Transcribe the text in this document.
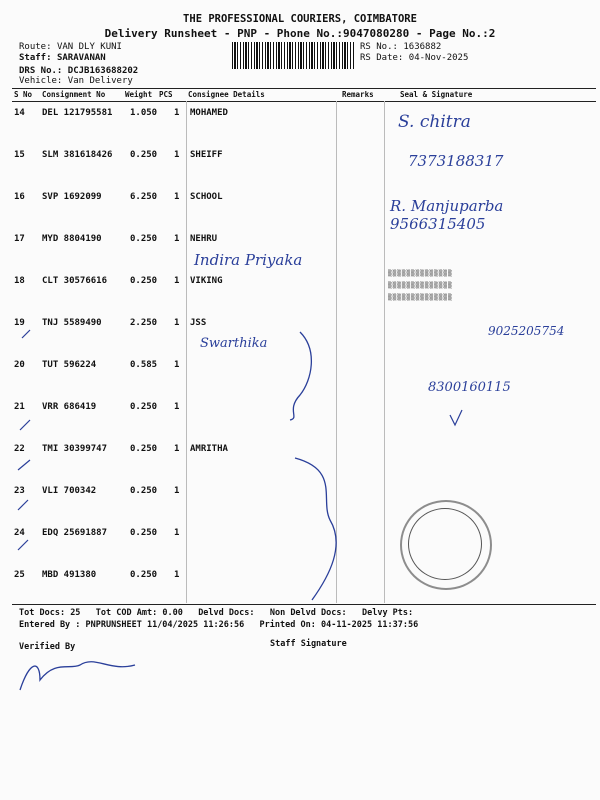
THE PROFESSIONAL COURIERS, COIMBATORE
Delivery Runsheet - PNP - Phone No.:9047080280 - Page No.:2
Route: VAN DLY KUNI
Staff: SARAVANAN
DRS No.: DCJB163688202
Vehicle: Van Delivery
RS No.: 1636882
RS Date: 04-Nov-2025
S No Consignment No	Weight PCS Consignee Details	Remarks	Seal & Signature
14 DEL 121795581 1.050 1 MOHAMED
15 SLM 381618426 0.250 1 SHEIFF
16 SVP 1692099	6.250 1 SCHOOL
17 MYD 8804190	0.250 1 NEHRU
18 CLT 30576616	0.250 1 VIKING
19 TNJ 5589490	2.250 1 JSS
20 TUT 596224	0.585 1
21 VRR 686419	0.250 1
22 TMI 30399747	0.250 1 AMRITHA
23 VLI 700342	0.250 1
24 EDQ 25691887	0.250 1
25 MBD 491380	0.250 1
S. chitra
7373188317
R. Manjuparba 9566315405
Indira Priyaka
Swarthika
9025205754
8300160115
▒▒▒▒▒▒▒▒▒▒▒▒▒▒
▒▒▒▒▒▒▒▒▒▒▒▒▒▒
▒▒▒▒▒▒▒▒▒▒▒▒▒▒
Tot Docs: 25 Tot COD Amt: 0.00 Delvd Docs: Non Delvd Docs: Delvy Pts:
Entered By : PNPRUNSHEET 11/04/2025 11:26:56 Printed On: 04-11-2025 11:37:56
Verified By	Staff Signature
